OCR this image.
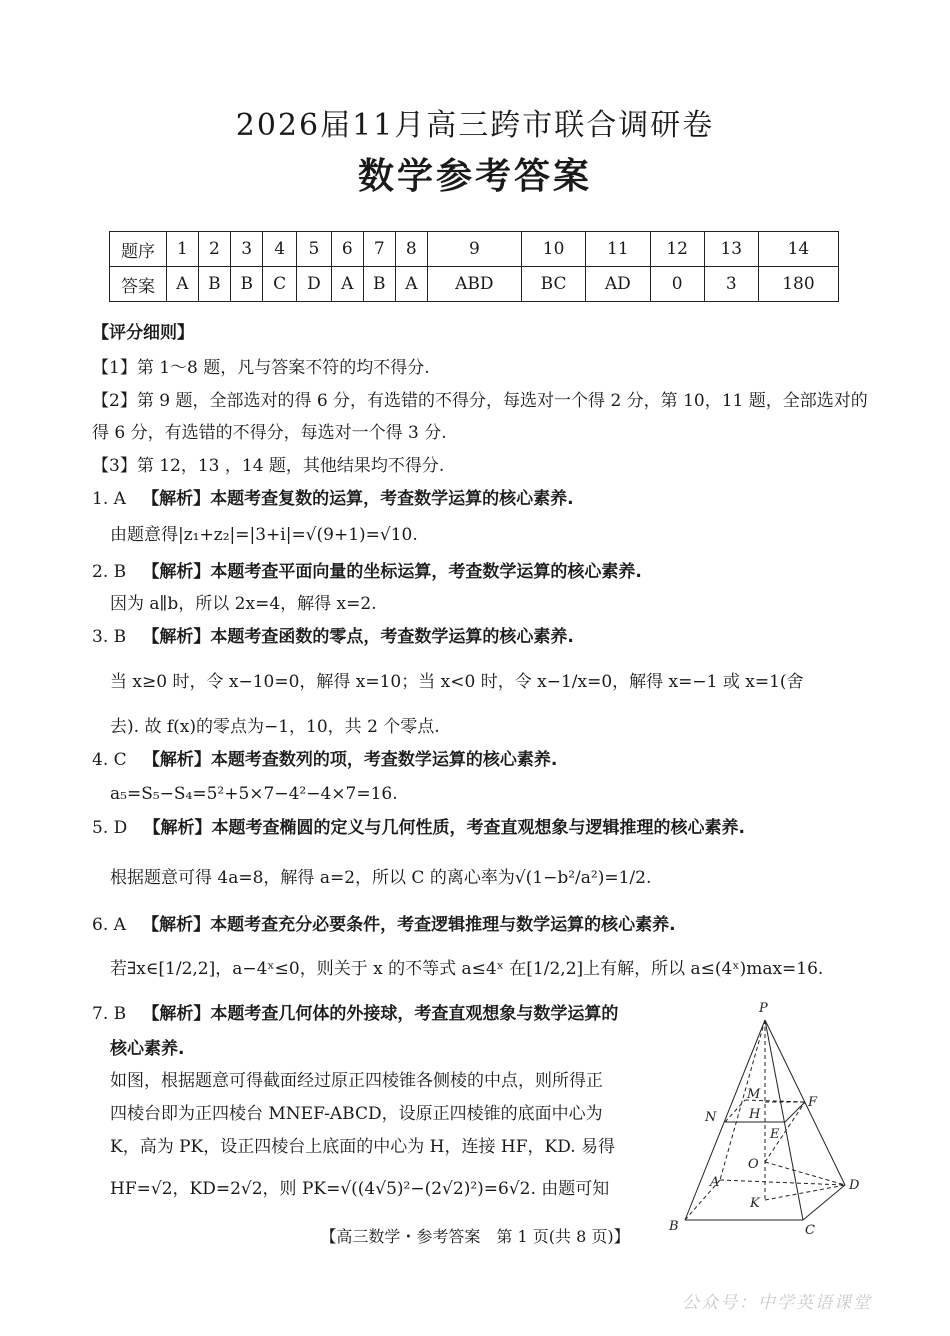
2026届11月高三跨市联合调研卷
数学参考答案
题序	1	2	3	4	5	6	7	8	9	10	11	12	13	14
答案	A	B	B	C	D	A	B	A	ABD	BC	AD	0	3	180
【评分细则】
【1】第 1～8 题，凡与答案不符的均不得分.
【2】第 9 题，全部选对的得 6 分，有选错的不得分，每选对一个得 2 分，第 10，11 题，全部选对的
得 6 分，有选错的不得分，每选对一个得 3 分.
【3】第 12，13 ，14 题，其他结果均不得分.
1. A 【解析】本题考查复数的运算，考查数学运算的核心素养.
由题意得|z₁+z₂|=|3+i|=√(9+1)=√10.
2. B 【解析】本题考查平面向量的坐标运算，考查数学运算的核心素养.
因为 a∥b，所以 2x=4，解得 x=2.
3. B 【解析】本题考查函数的零点，考查数学运算的核心素养.
当 x≥0 时，令 x−10=0，解得 x=10；当 x<0 时，令 x−1/x=0，解得 x=−1 或 x=1(舍
去). 故 f(x)的零点为−1，10，共 2 个零点.
4. C 【解析】本题考查数列的项，考查数学运算的核心素养.
a₅=S₅−S₄=5²+5×7−4²−4×7=16.
5. D 【解析】本题考查椭圆的定义与几何性质，考查直观想象与逻辑推理的核心素养.
根据题意可得 4a=8，解得 a=2，所以 C 的离心率为√(1−b²/a²)=1/2.
6. A 【解析】本题考查充分必要条件，考查逻辑推理与数学运算的核心素养.
若∃x∈[1/2,2]，a−4ˣ≤0，则关于 x 的不等式 a≤4ˣ 在[1/2,2]上有解，所以 a≤(4ˣ)max=16.
7. B 【解析】本题考查几何体的外接球，考查直观想象与数学运算的
核心素养.
如图，根据题意可得截面经过原正四棱锥各侧棱的中点，则所得正
四棱台即为正四棱台 MNEF-ABCD，设原正四棱锥的底面中心为
K，高为 PK，设正四棱台上底面的中心为 H，连接 HF，KD. 易得
HF=√2，KD=2√2，则 PK=√((4√5)²−(2√2)²)=6√2. 由题可知
P
M
F
N	H
E
O
A
K
D
B	C
【高三数学・参考答案　第 1 页(共 8 页)】
公众号：中学英语课堂
